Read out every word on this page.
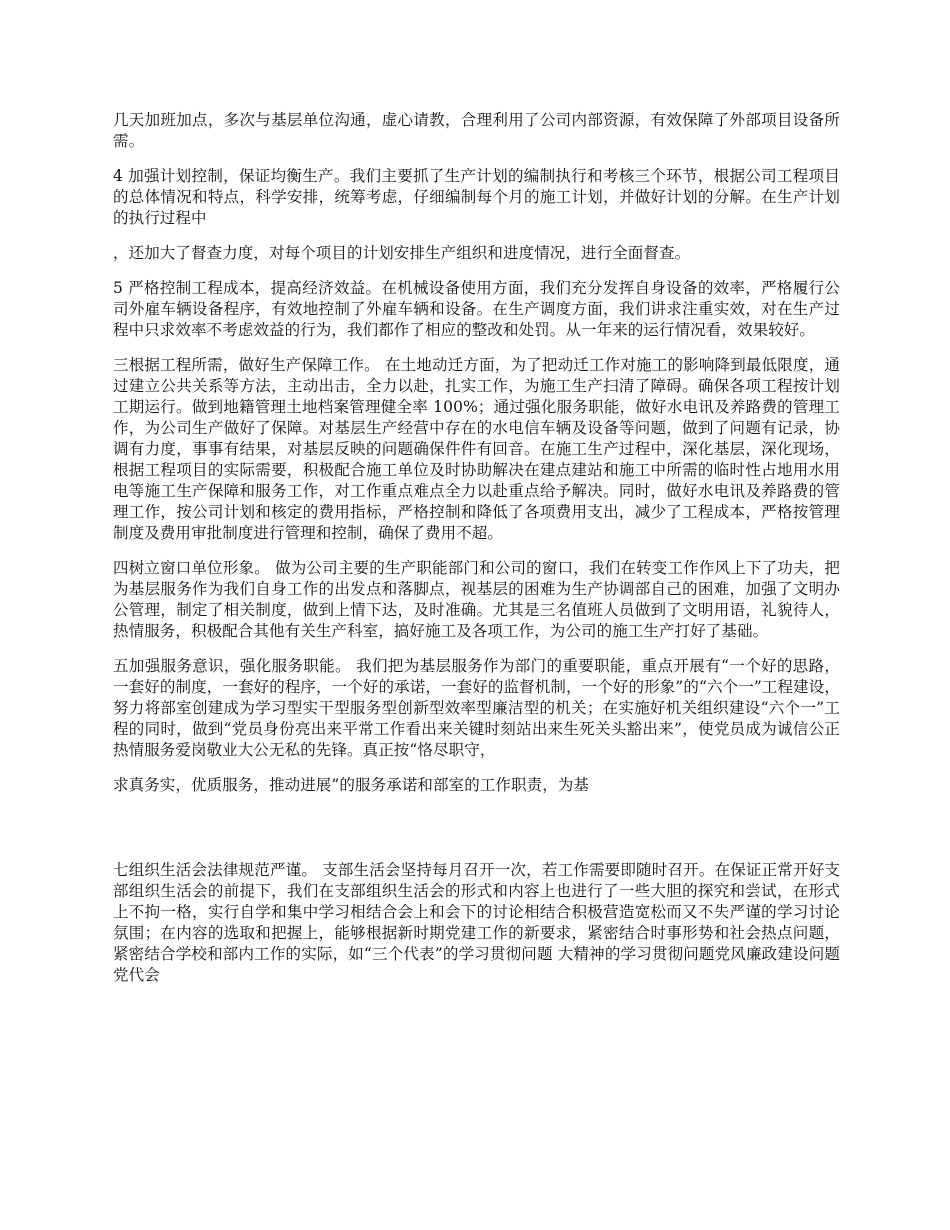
几天加班加点，多次与基层单位沟通，虚心请教，合理利用了公司内部资源，有效保障了外部项目设备所需。

4 加强计划控制，保证均衡生产。我们主要抓了生产计划的编制执行和考核三个环节，根据公司工程项目的总体情况和特点，科学安排，统筹考虑，仔细编制每个月的施工计划，并做好计划的分解。在生产计划的执行过程中

，还加大了督查力度，对每个项目的计划安排生产组织和进度情况，进行全面督查。

5 严格控制工程成本，提高经济效益。在机械设备使用方面，我们充分发挥自身设备的效率，严格履行公司外雇车辆设备程序，有效地控制了外雇车辆和设备。在生产调度方面，我们讲求注重实效，对在生产过程中只求效率不考虑效益的行为，我们都作了相应的整改和处罚。从一年来的运行情况看，效果较好。

三根据工程所需，做好生产保障工作。 在土地动迁方面，为了把动迁工作对施工的影响降到最低限度，通过建立公共关系等方法，主动出击，全力以赴，扎实工作，为施工生产扫清了障碍。确保各项工程按计划工期运行。做到地籍管理土地档案管理健全率 100%；通过强化服务职能，做好水电讯及养路费的管理工作，为公司生产做好了保障。对基层生产经营中存在的水电信车辆及设备等问题，做到了问题有记录，协调有力度，事事有结果，对基层反映的问题确保件件有回音。在施工生产过程中，深化基层，深化现场，根据工程项目的实际需要，积极配合施工单位及时协助解决在建点建站和施工中所需的临时性占地用水用电等施工生产保障和服务工作，对工作重点难点全力以赴重点给予解决。同时，做好水电讯及养路费的管理工作，按公司计划和核定的费用指标，严格控制和降低了各项费用支出，减少了工程成本，严格按管理制度及费用审批制度进行管理和控制，确保了费用不超。

四树立窗口单位形象。 做为公司主要的生产职能部门和公司的窗口，我们在转变工作作风上下了功夫，把为基层服务作为我们自身工作的出发点和落脚点，视基层的困难为生产协调部自己的困难，加强了文明办公管理，制定了相关制度，做到上情下达，及时准确。尤其是三名值班人员做到了文明用语，礼貌待人，热情服务，积极配合其他有关生产科室，搞好施工及各项工作，为公司的施工生产打好了基础。

五加强服务意识，强化服务职能。 我们把为基层服务作为部门的重要职能，重点开展有“一个好的思路，一套好的制度，一套好的程序，一个好的承诺，一套好的监督机制，一个好的形象”的“六个一”工程建设，努力将部室创建成为学习型实干型服务型创新型效率型廉洁型的机关；在实施好机关组织建设“六个一”工程的同时，做到“党员身份亮出来平常工作看出来关键时刻站出来生死关头豁出来”，使党员成为诚信公正热情服务爱岗敬业大公无私的先锋。真正按“恪尽职守，

求真务实，优质服务，推动进展”的服务承诺和部室的工作职责，为基

七组织生活会法律规范严谨。 支部生活会坚持每月召开一次，若工作需要即随时召开。在保证正常开好支部组织生活会的前提下，我们在支部组织生活会的形式和内容上也进行了一些大胆的探究和尝试，在形式上不拘一格，实行自学和集中学习相结合会上和会下的讨论相结合积极营造宽松而又不失严谨的学习讨论氛围；在内容的选取和把握上，能够根据新时期党建工作的新要求，紧密结合时事形势和社会热点问题，紧密结合学校和部内工作的实际，如“三个代表”的学习贯彻问题 大精神的学习贯彻问题党风廉政建设问题党代会
